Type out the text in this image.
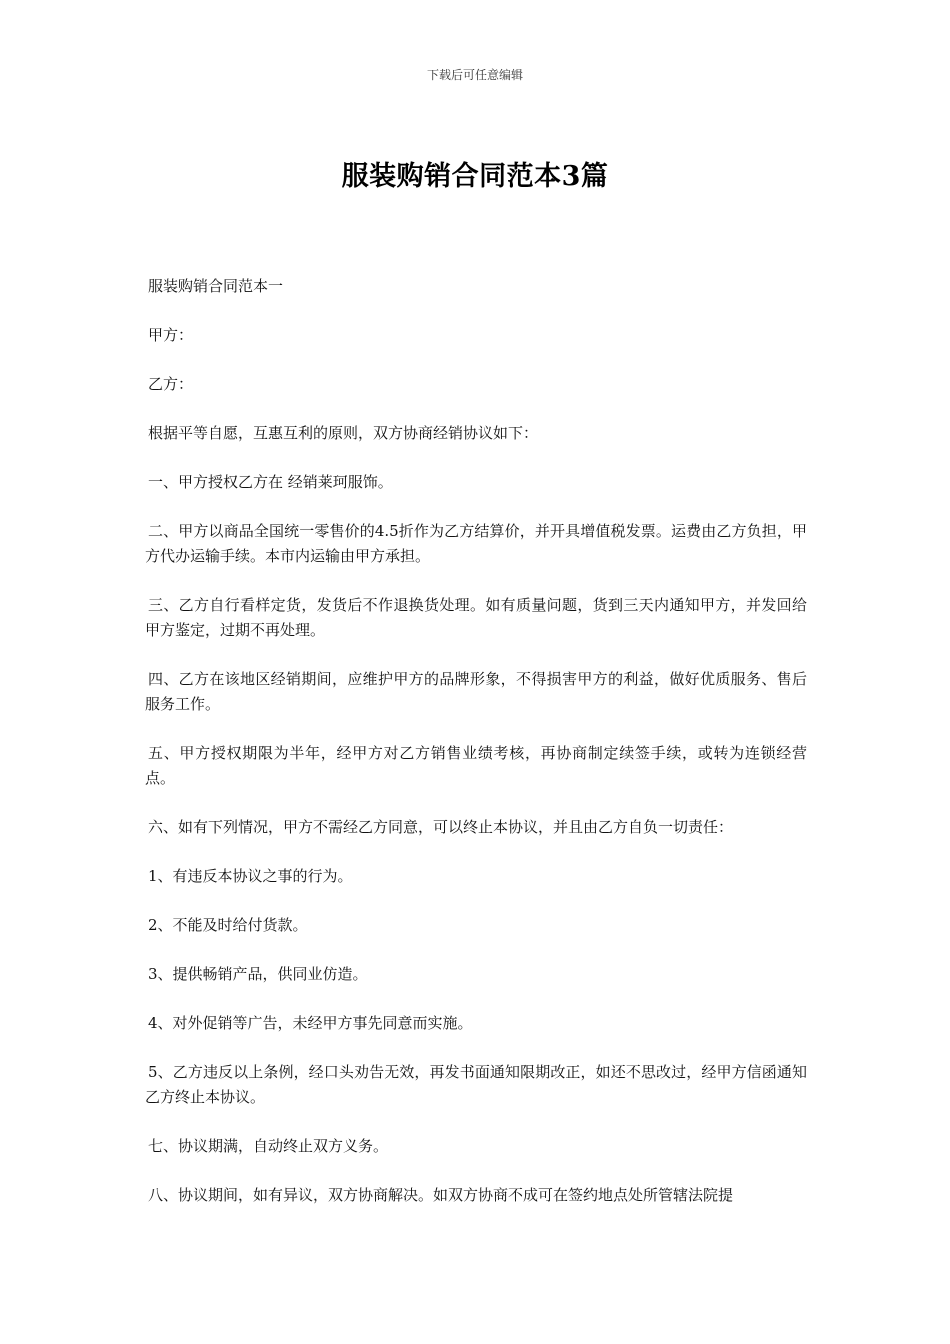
下载后可任意编辑
服装购销合同范本3篇

服装购销合同范本一

甲方：

乙方：

根据平等自愿，互惠互利的原则，双方协商经销协议如下：

一、甲方授权乙方在 经销莱珂服饰。

二、甲方以商品全国统一零售价的4.5折作为乙方结算价，并开具增值税发票。运费由乙方负担，甲方代办运输手续。本市内运输由甲方承担。

三、乙方自行看样定货，发货后不作退换货处理。如有质量问题，货到三天内通知甲方，并发回给甲方鉴定，过期不再处理。

四、乙方在该地区经销期间，应维护甲方的品牌形象，不得损害甲方的利益，做好优质服务、售后服务工作。

五、甲方授权期限为半年，经甲方对乙方销售业绩考核，再协商制定续签手续，或转为连锁经营点。

六、如有下列情况，甲方不需经乙方同意，可以终止本协议，并且由乙方自负一切责任：

1、有违反本协议之事的行为。

2、不能及时给付货款。

3、提供畅销产品，供同业仿造。

4、对外促销等广告，未经甲方事先同意而实施。

5、乙方违反以上条例，经口头劝告无效，再发书面通知限期改正，如还不思改过，经甲方信函通知乙方终止本协议。

七、协议期满，自动终止双方义务。

八、协议期间，如有异议，双方协商解决。如双方协商不成可在签约地点处所管辖法院提
